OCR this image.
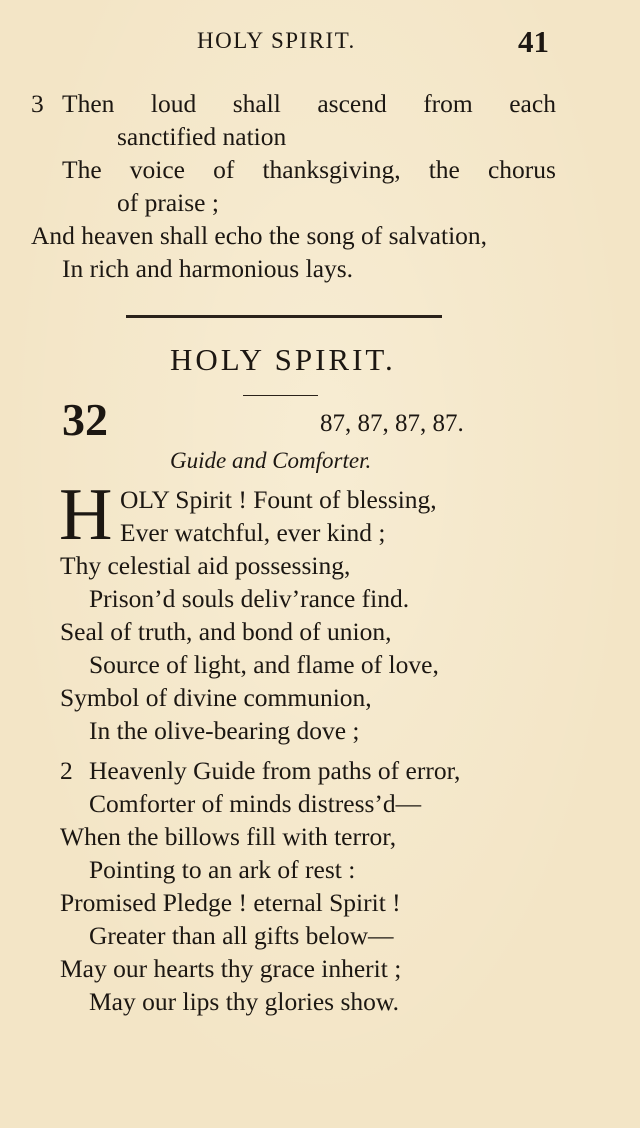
HOLY SPIRIT.	41
3 Then loud shall ascend from each
sanctified nation
The voice of thanksgiving, the chorus
of praise ;
And heaven shall echo the song of salvation,
In rich and harmonious lays.
HOLY SPIRIT.
32	87, 87, 87, 87.
Guide and Comforter.
H OLY Spirit ! Fount of blessing,
Ever watchful, ever kind ;
Thy celestial aid possessing,
Prison’d souls deliv’rance find.
Seal of truth, and bond of union,
Source of light, and flame of love,
Symbol of divine communion,
In the olive-bearing dove ;
2 Heavenly Guide from paths of error,
Comforter of minds distress’d—
When the billows fill with terror,
Pointing to an ark of rest :
Promised Pledge ! eternal Spirit !
Greater than all gifts below—
May our hearts thy grace inherit ;
May our lips thy glories show.
